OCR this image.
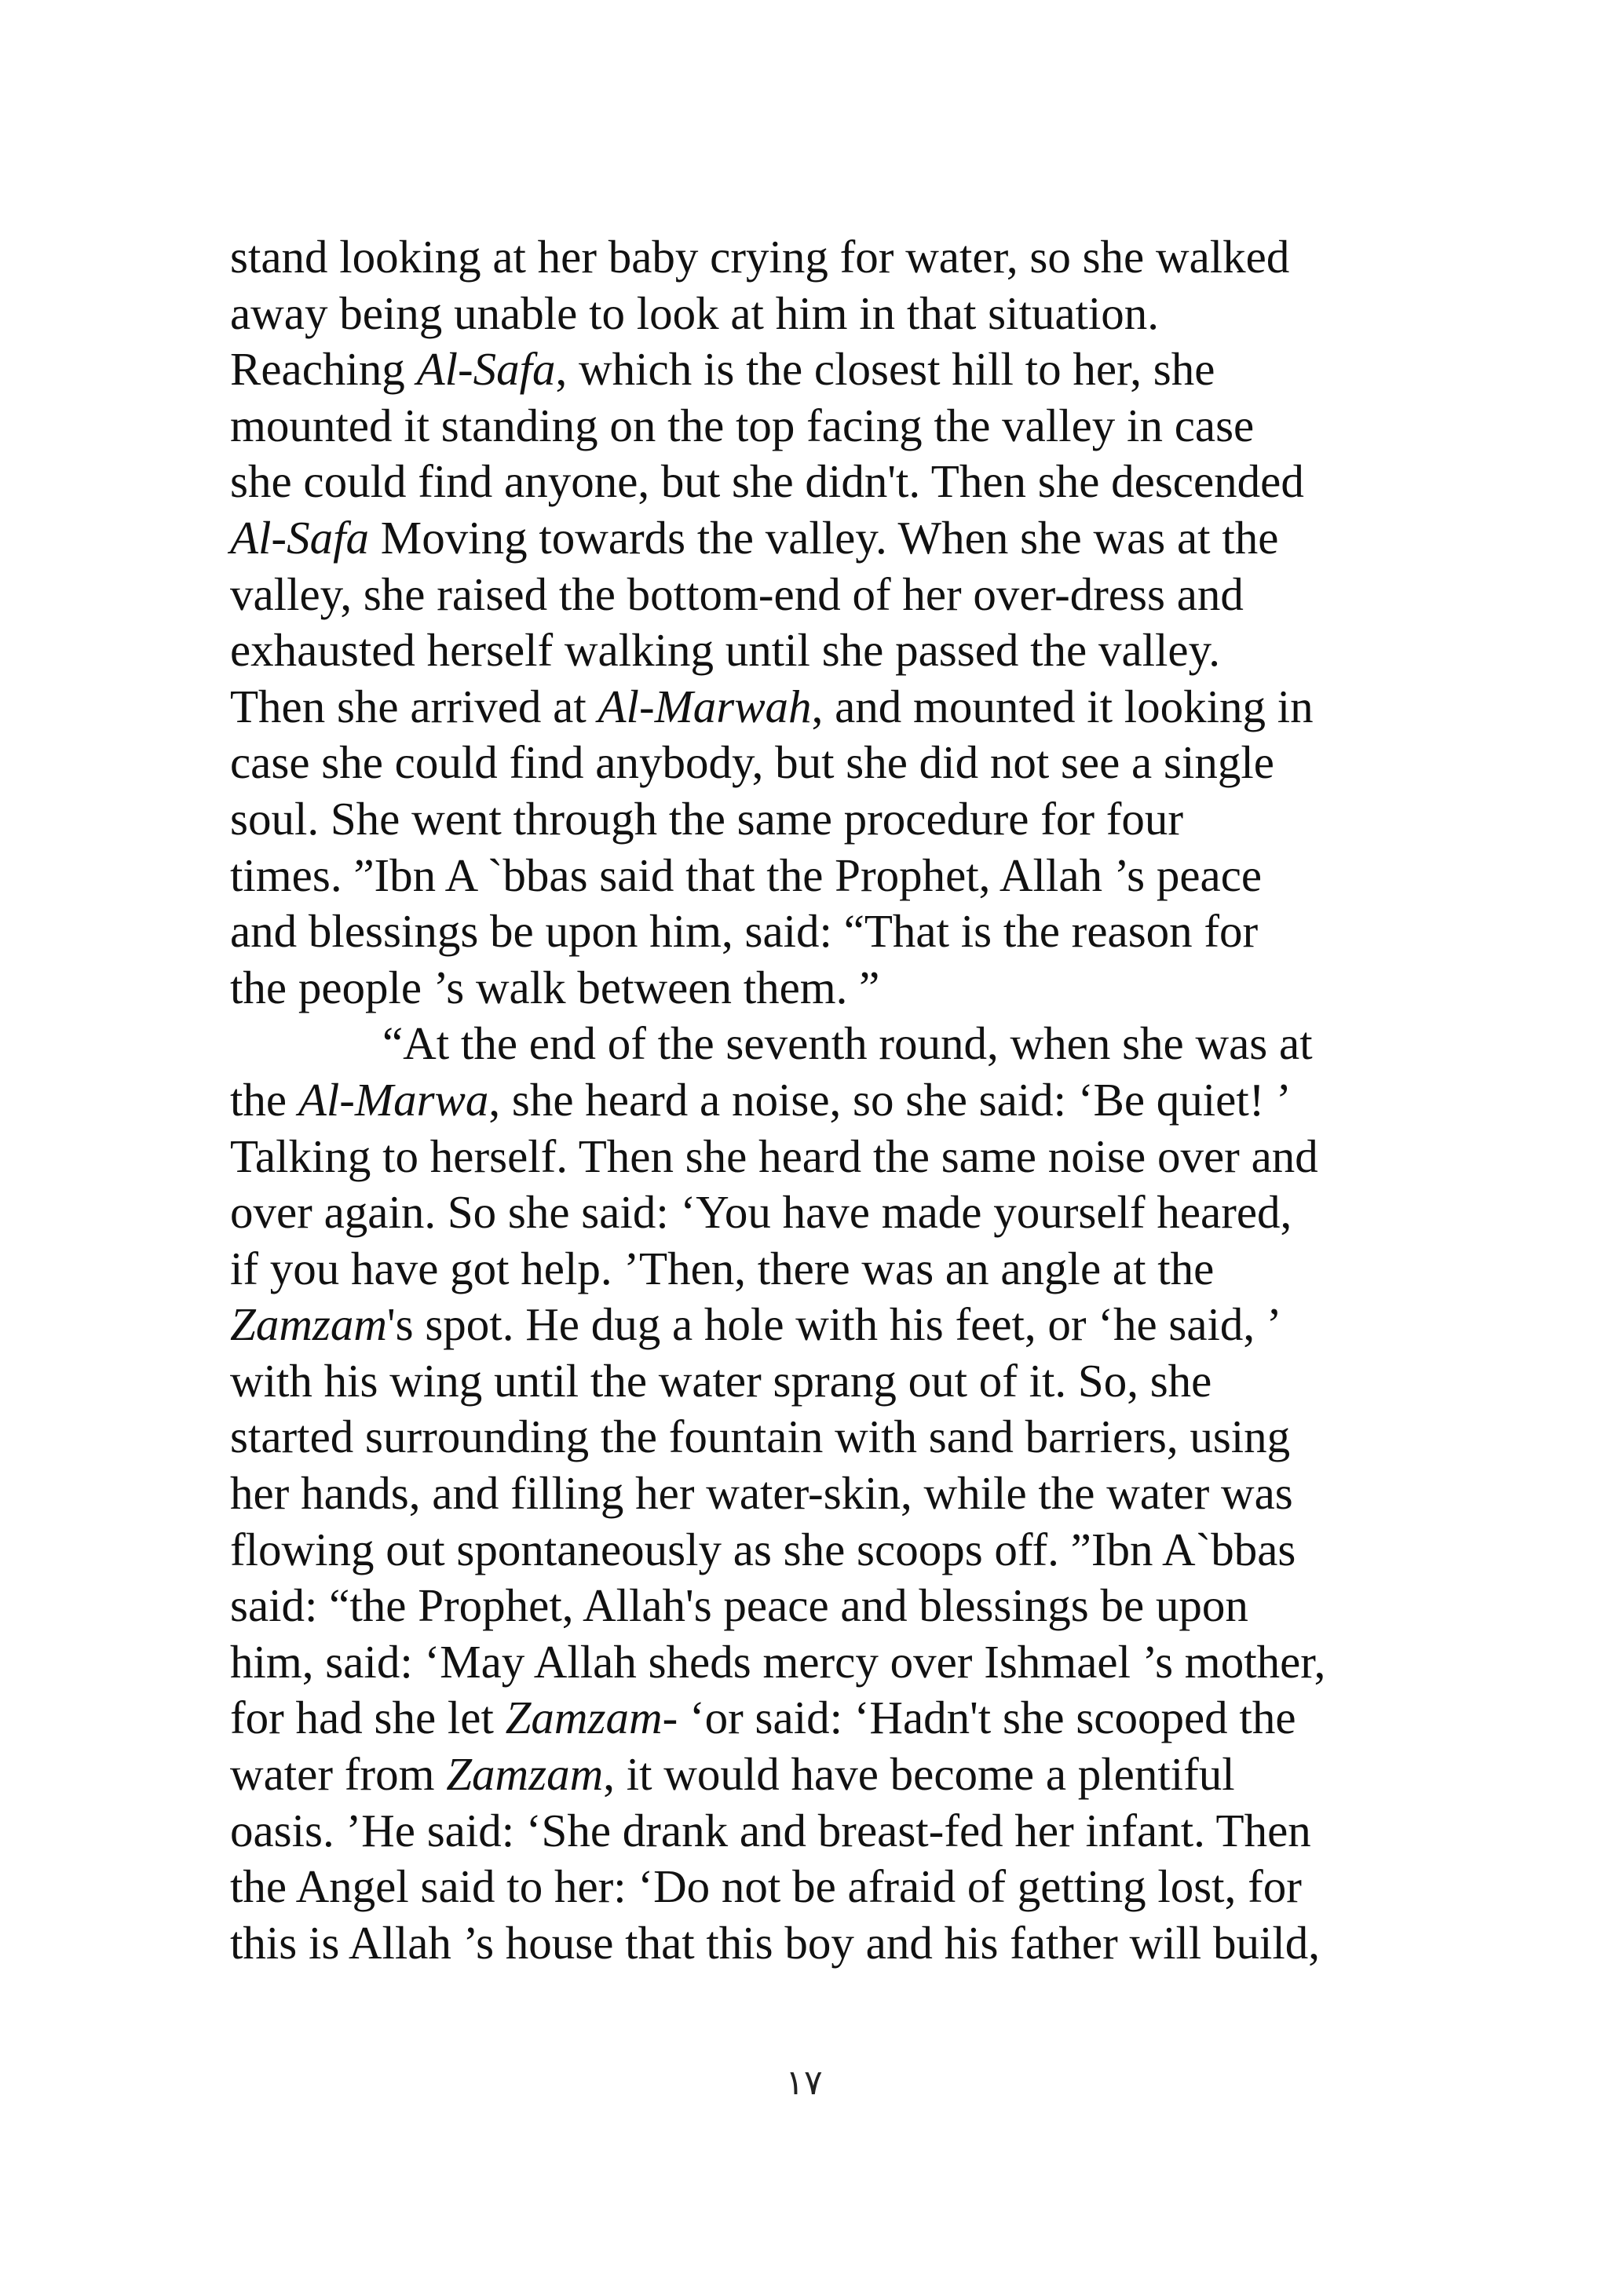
stand looking at her baby crying for water, so she walked
away being unable to look at him in that situation.
Reaching Al-Safa, which is the closest hill to her, she
mounted it standing on the top facing the valley in case
she could find anyone, but she didn't. Then she descended
Al-Safa Moving towards the valley. When she was at the
valley, she raised the bottom-end of her over-dress and
exhausted herself walking until she passed the valley.
Then she arrived at Al-Marwah, and mounted it looking in
case she could find anybody, but she did not see a single
soul. She went through the same procedure for four
times. ”Ibn A `bbas said that the Prophet, Allah ’s peace
and blessings be upon him, said: “That is the reason for
the people ’s walk between them. ”
“At the end of the seventh round, when she was at
the Al-Marwa, she heard a noise, so she said: ‘Be quiet! ’
Talking to herself. Then she heard the same noise over and
over again. So she said: ‘You have made yourself heared,
if you have got help. ’Then, there was an angle at the
Zamzam's spot. He dug a hole with his feet, or ‘he said, ’
with his wing until the water sprang out of it. So, she
started surrounding the fountain with sand barriers, using
her hands, and filling her water-skin, while the water was
flowing out spontaneously as she scoops off. ”Ibn A`bbas
said: “the Prophet, Allah's peace and blessings be upon
him, said: ‘May Allah sheds mercy over Ishmael ’s mother,
for had she let Zamzam- ‘or said: ‘Hadn't she scooped the
water from Zamzam, it would have become a plentiful
oasis. ’He said: ‘She drank and breast-fed her infant. Then
the Angel said to her: ‘Do not be afraid of getting lost, for
this is Allah ’s house that this boy and his father will build,
١٧
